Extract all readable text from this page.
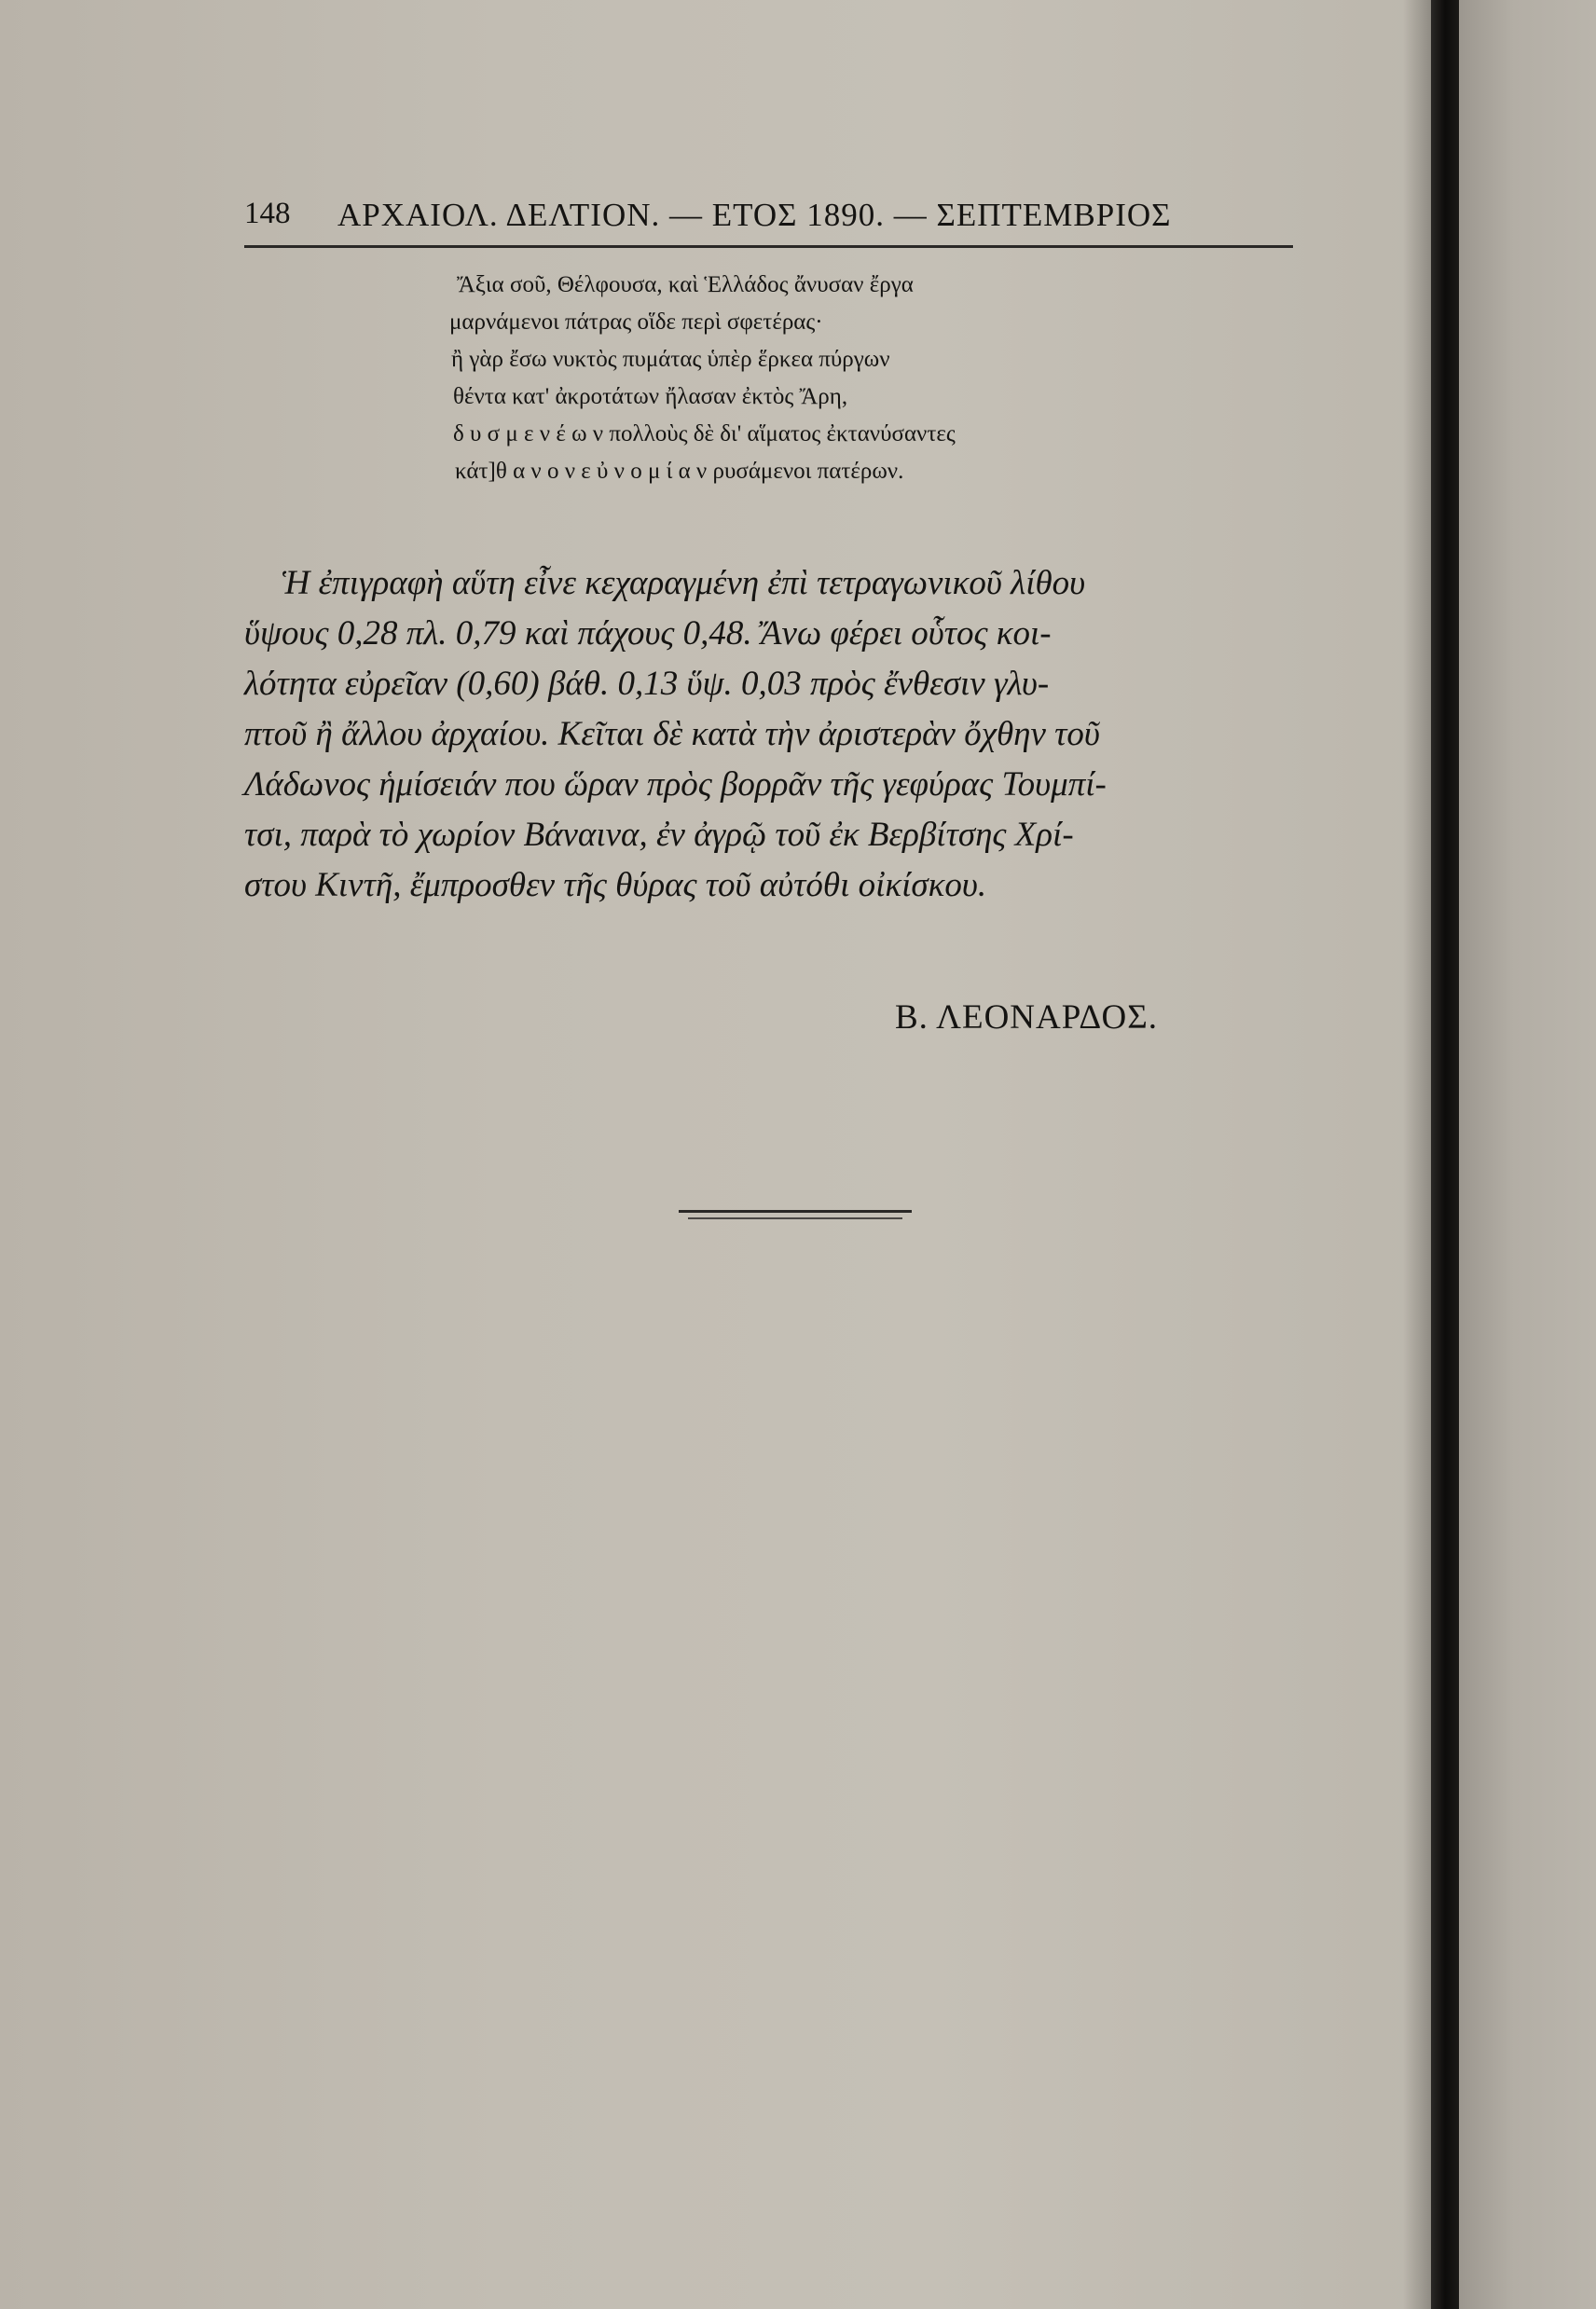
148 ΑΡΧΑΙΟΛ. ΔΕΛΤΙΟΝ. — ΕΤΟΣ 1890. — ΣΕΠΤΕΜΒΡΙΟΣ
Ἄξια σοῦ, Θέλφουσα, καὶ Ἑλλάδος ἄνυσαν ἔργα
μαρνάμενοι πάτρας οἵδε περὶ σφετέρας·
ἢ γὰρ ἔσω νυκτὸς πυμάτας ὑπὲρ ἕρκεα πύργων
θέντα κατ' ἀκροτάτων ἤλασαν ἐκτὸς Ἄρη,
δ υ σ μ ε ν έ ω ν πολλοὺς δὲ δι' αἵματος ἐκτανύσαντες
κάτ]θ α ν ο ν ε ὐ ν ο μ ί α ν ρυσάμενοι πατέρων.
Ἡ ἐπιγραφὴ αὕτη εἶνε κεχαραγμένη ἐπὶ τετραγωνικοῦ λίθου
ὕψους 0,28 πλ. 0,79 καὶ πάχους 0,48. Ἄνω φέρει οὗτος κοι-
λότητα εὐρεῖαν (0,60) βάθ. 0,13 ὕψ. 0,03 πρὸς ἔνθεσιν γλυ-
πτοῦ ἢ ἄλλου ἀρχαίου. Κεῖται δὲ κατὰ τὴν ἀριστερὰν ὄχθην τοῦ
Λάδωνος ἡμίσειάν που ὥραν πρὸς βορρᾶν τῆς γεφύρας Τουμπί-
τσι, παρὰ τὸ χωρίον Βάναινα, ἐν ἀγρῷ τοῦ ἐκ Βερβίτσης Χρί-
στου Κιντῆ, ἔμπροσθεν τῆς θύρας τοῦ αὐτόθι οἰκίσκου.
Β. ΛΕΟΝΑΡΔΟΣ.
